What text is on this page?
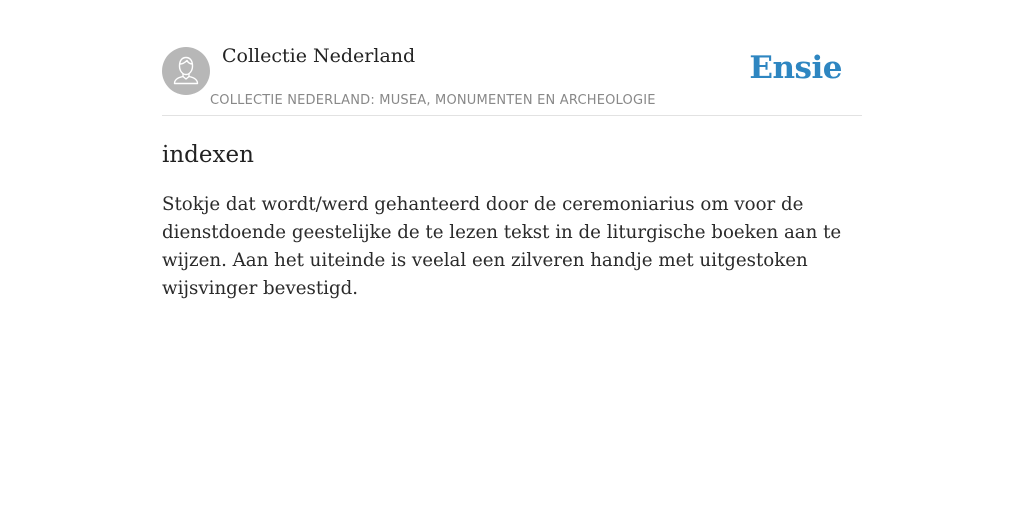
Collectie Nederland
COLLECTIE NEDERLAND: MUSEA, MONUMENTEN EN ARCHEOLOGIE
Ensie
indexen

Stokje dat wordt/werd gehanteerd door de ceremoniarius om voor de dienstdoende geestelijke de te lezen tekst in de liturgische boeken aan te wijzen. Aan het uiteinde is veelal een zilveren handje met uitgestoken wijsvinger bevestigd.
